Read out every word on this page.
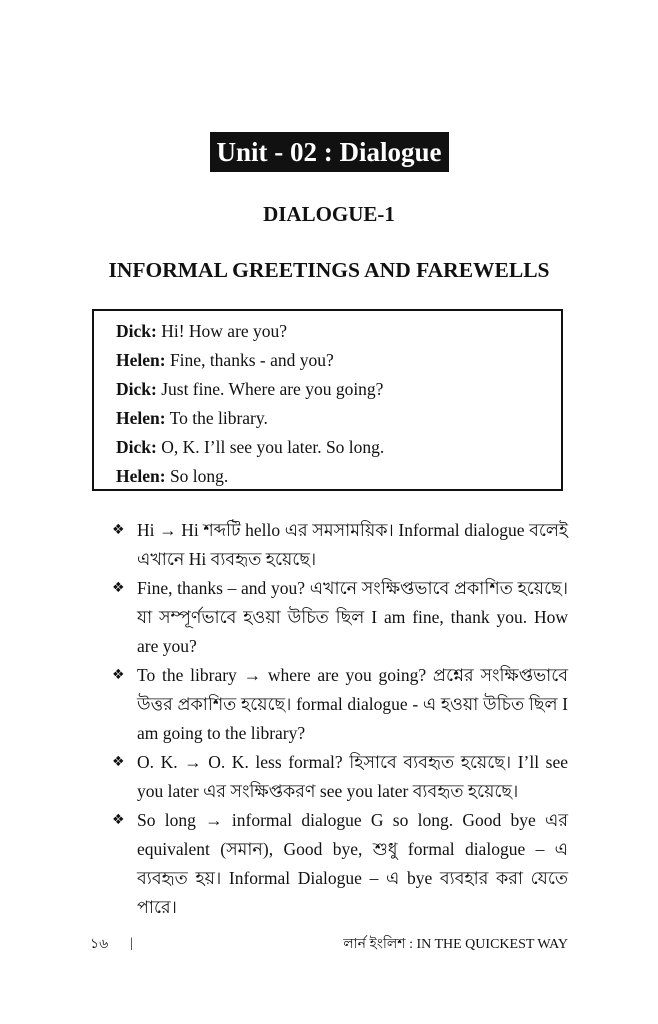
Unit - 02 : Dialogue
DIALOGUE-1
INFORMAL GREETINGS AND FAREWELLS
Dick: Hi! How are you?
Helen: Fine, thanks - and you?
Dick: Just fine. Where are you going?
Helen: To the library.
Dick: O, K. I’ll see you later. So long.
Helen: So long.
❖ Hi → Hi শব্দটি hello এর সমসাময়িক। Informal dialogue বলেই এখানে Hi ব্যবহৃত হয়েছে।
❖ Fine, thanks – and you? এখানে সংক্ষিপ্তভাবে প্রকাশিত হয়েছে। যা সম্পূর্ণভাবে হওয়া উচিত ছিল I am fine, thank you. How are you?
❖ To the library → where are you going? প্রশ্নের সংক্ষিপ্তভাবে উত্তর প্রকাশিত হয়েছে। formal dialogue - এ হওয়া উচিত ছিল I am going to the library?
❖ O. K. → O. K. less formal? হিসাবে ব্যবহৃত হয়েছে। I’ll see you later এর সংক্ষিপ্তকরণ see you later ব্যবহৃত হয়েছে।
❖ So long → informal dialogue G so long. Good bye এর equivalent (সমান), Good bye, শুধু formal dialogue – এ ব্যবহৃত হয়। Informal Dialogue – এ bye ব্যবহার করা যেতে পারে।
১৬ |	লার্ন ইংলিশ : IN THE QUICKEST WAY
